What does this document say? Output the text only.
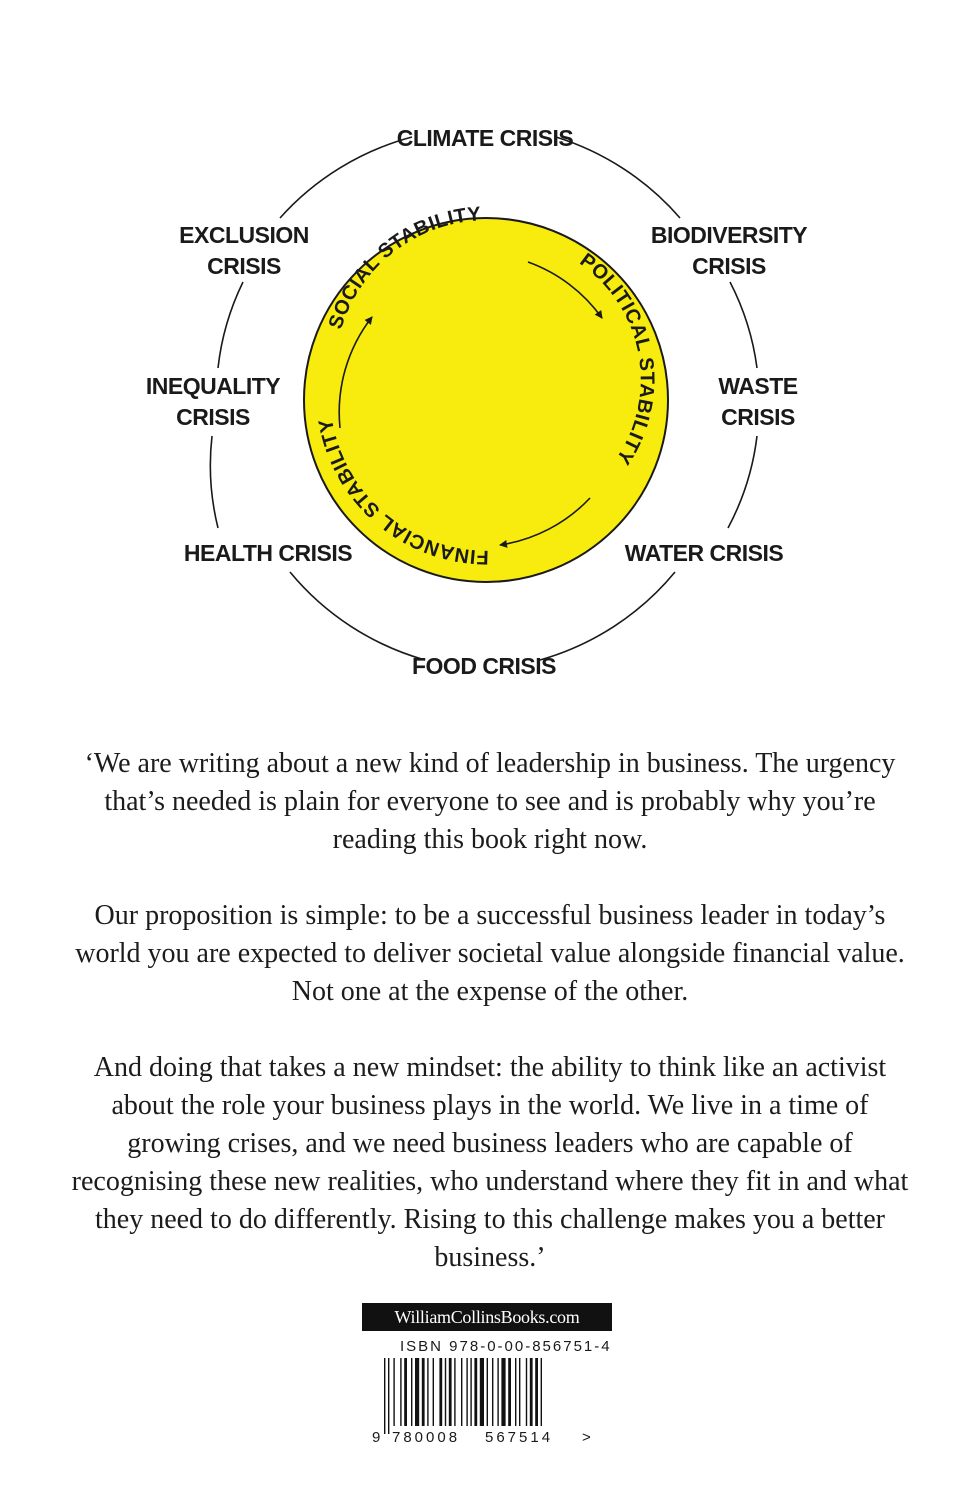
SOCIAL STABILITY
POLITICAL STABILITY
FINANCIAL STABILITY
CLIMATE CRISIS
BIODIVERSITY
CRISIS
WASTE
CRISIS
WATER CRISIS
FOOD CRISIS
HEALTH CRISIS
INEQUALITY
CRISIS
EXCLUSION
CRISIS

‘We are writing about a new kind of leadership in business. The urgency that’s needed is plain for everyone to see and is probably why you’re reading this book right now.

Our proposition is simple: to be a successful business leader in today’s world you are expected to deliver societal value alongside financial value. Not one at the expense of the other.

And doing that takes a new mindset: the ability to think like an activist about the role your business plays in the world. We live in a time of growing crises, and we need business leaders who are capable of recognising these new realities, who understand where they fit in and what they need to do differently. Rising to this challenge makes you a better business.’

WilliamCollinsBooks.com
ISBN 978-0-00-856751-4
9 780008 567514 >
